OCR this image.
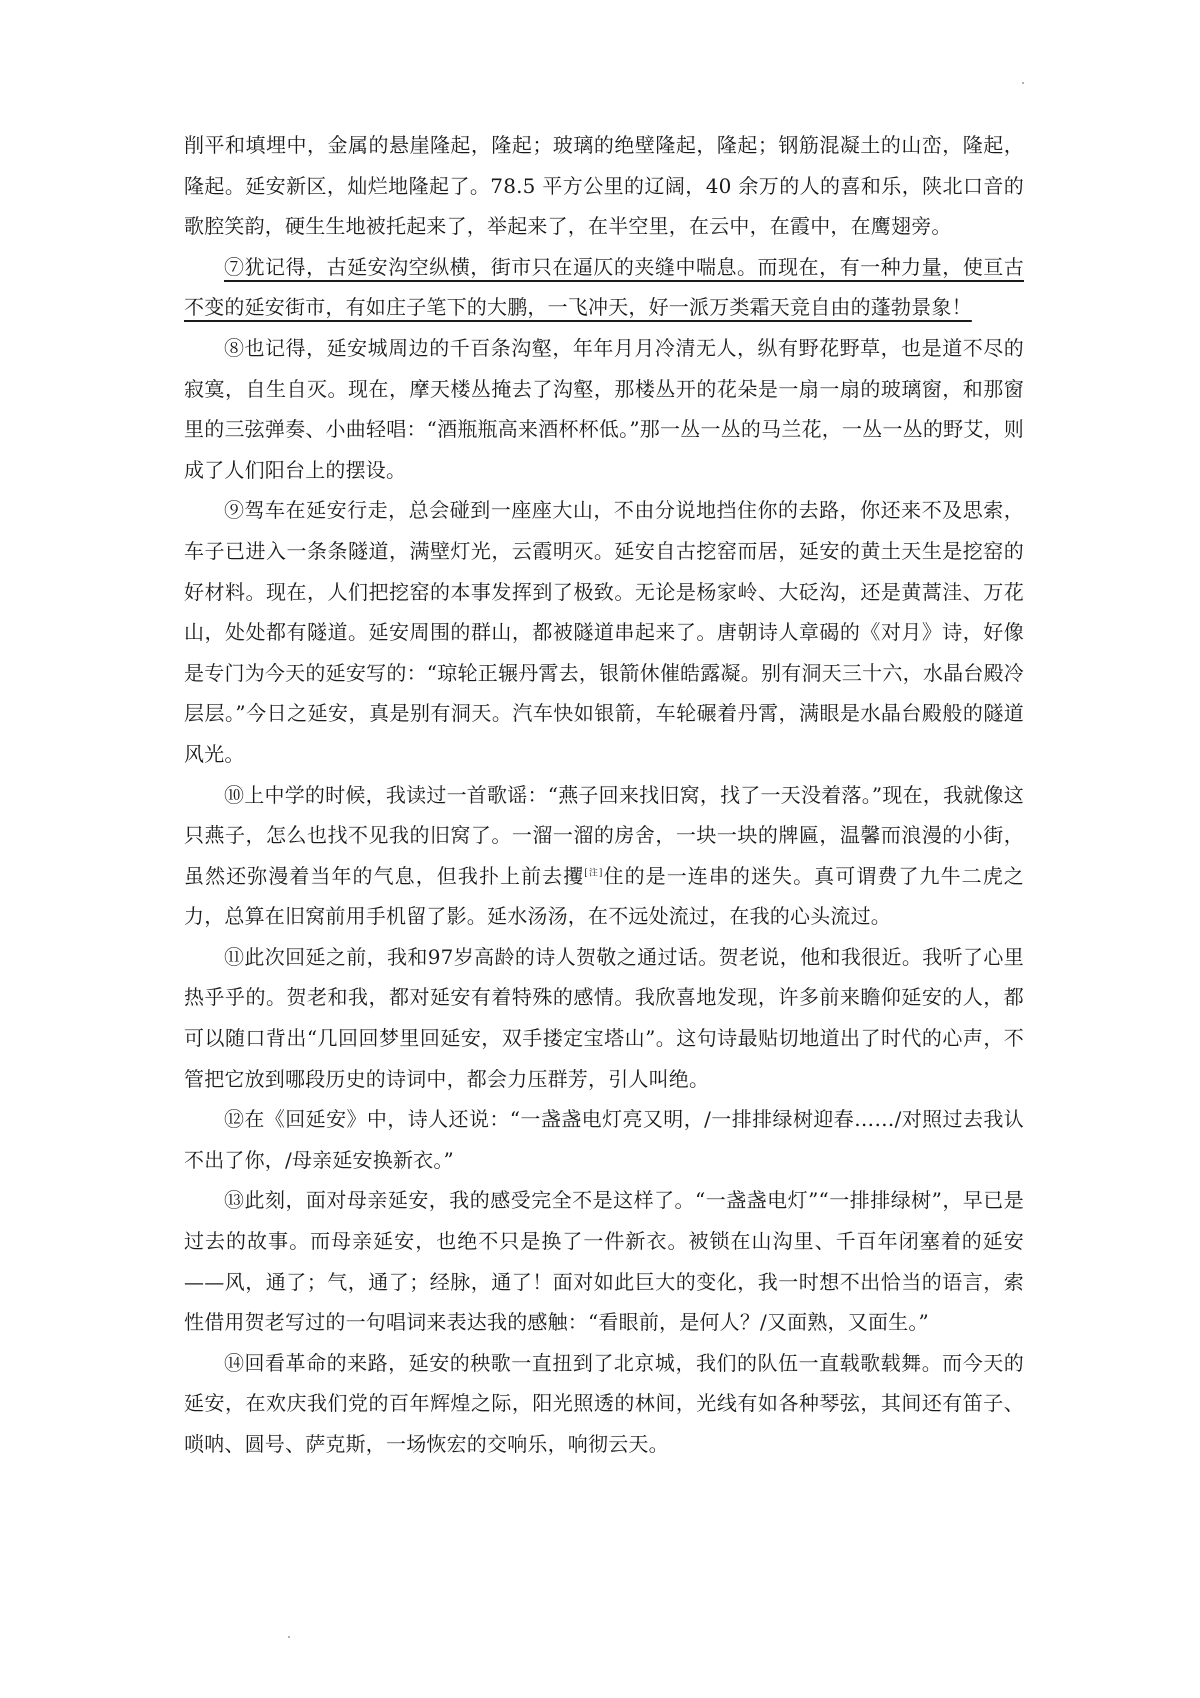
削平和填埋中，金属的悬崖隆起，隆起；玻璃的绝壁隆起，隆起；钢筋混凝土的山峦，隆起，隆起。延安新区，灿烂地隆起了。78.5 平方公里的辽阔，40 余万的人的喜和乐，陕北口音的歌腔笑韵，硬生生地被托起来了，举起来了，在半空里，在云中，在霞中，在鹰翅旁。

⑦犹记得，古延安沟空纵横，街市只在逼仄的夹缝中喘息。而现在，有一种力量，使亘古不变的延安街市，有如庄子笔下的大鹏，一飞冲天，好一派万类霜天竞自由的蓬勃景象！

⑧也记得，延安城周边的千百条沟壑，年年月月冷清无人，纵有野花野草，也是道不尽的寂寞，自生自灭。现在，摩天楼丛掩去了沟壑，那楼丛开的花朵是一扇一扇的玻璃窗，和那窗里的三弦弹奏、小曲轻唱：“酒瓶瓶高来酒杯杯低。”那一丛一丛的马兰花，一丛一丛的野艾，则成了人们阳台上的摆设。

⑨驾车在延安行走，总会碰到一座座大山，不由分说地挡住你的去路，你还来不及思索，车子已进入一条条隧道，满壁灯光，云霞明灭。延安自古挖窑而居，延安的黄土天生是挖窑的好材料。现在，人们把挖窑的本事发挥到了极致。无论是杨家岭、大砭沟，还是黄蒿洼、万花山，处处都有隧道。延安周围的群山，都被隧道串起来了。唐朝诗人章碣的《对月》诗，好像是专门为今天的延安写的：“琼轮正辗丹霄去，银箭休催皓露凝。别有洞天三十六，水晶台殿冷层层。”今日之延安，真是别有洞天。汽车快如银箭，车轮碾着丹霄，满眼是水晶台殿般的隧道风光。

⑩上中学的时候，我读过一首歌谣：“燕子回来找旧窝，找了一天没着落。”现在，我就像这只燕子，怎么也找不见我的旧窝了。一溜一溜的房舍，一块一块的牌匾，温馨而浪漫的小街，虽然还弥漫着当年的气息，但我扑上前去攫[注]住的是一连串的迷失。真可谓费了九牛二虎之力，总算在旧窝前用手机留了影。延水汤汤，在不远处流过，在我的心头流过。

⑪此次回延之前，我和97岁高龄的诗人贺敬之通过话。贺老说，他和我很近。我听了心里热乎乎的。贺老和我，都对延安有着特殊的感情。我欣喜地发现，许多前来瞻仰延安的人，都可以随口背出“几回回梦里回延安，双手搂定宝塔山”。这句诗最贴切地道出了时代的心声，不管把它放到哪段历史的诗词中，都会力压群芳，引人叫绝。

⑫在《回延安》中，诗人还说：“一盏盏电灯亮又明，/一排排绿树迎春……/对照过去我认不出了你，/母亲延安换新衣。”

⑬此刻，面对母亲延安，我的感受完全不是这样了。“一盏盏电灯”“一排排绿树”，早已是过去的故事。而母亲延安，也绝不只是换了一件新衣。被锁在山沟里、千百年闭塞着的延安——风，通了；气，通了；经脉，通了！面对如此巨大的变化，我一时想不出恰当的语言，索性借用贺老写过的一句唱词来表达我的感触：“看眼前，是何人？/又面熟，又面生。”

⑭回看革命的来路，延安的秧歌一直扭到了北京城，我们的队伍一直载歌载舞。而今天的延安，在欢庆我们党的百年辉煌之际，阳光照透的林间，光线有如各种琴弦，其间还有笛子、唢呐、圆号、萨克斯，一场恢宏的交响乐，响彻云天。
